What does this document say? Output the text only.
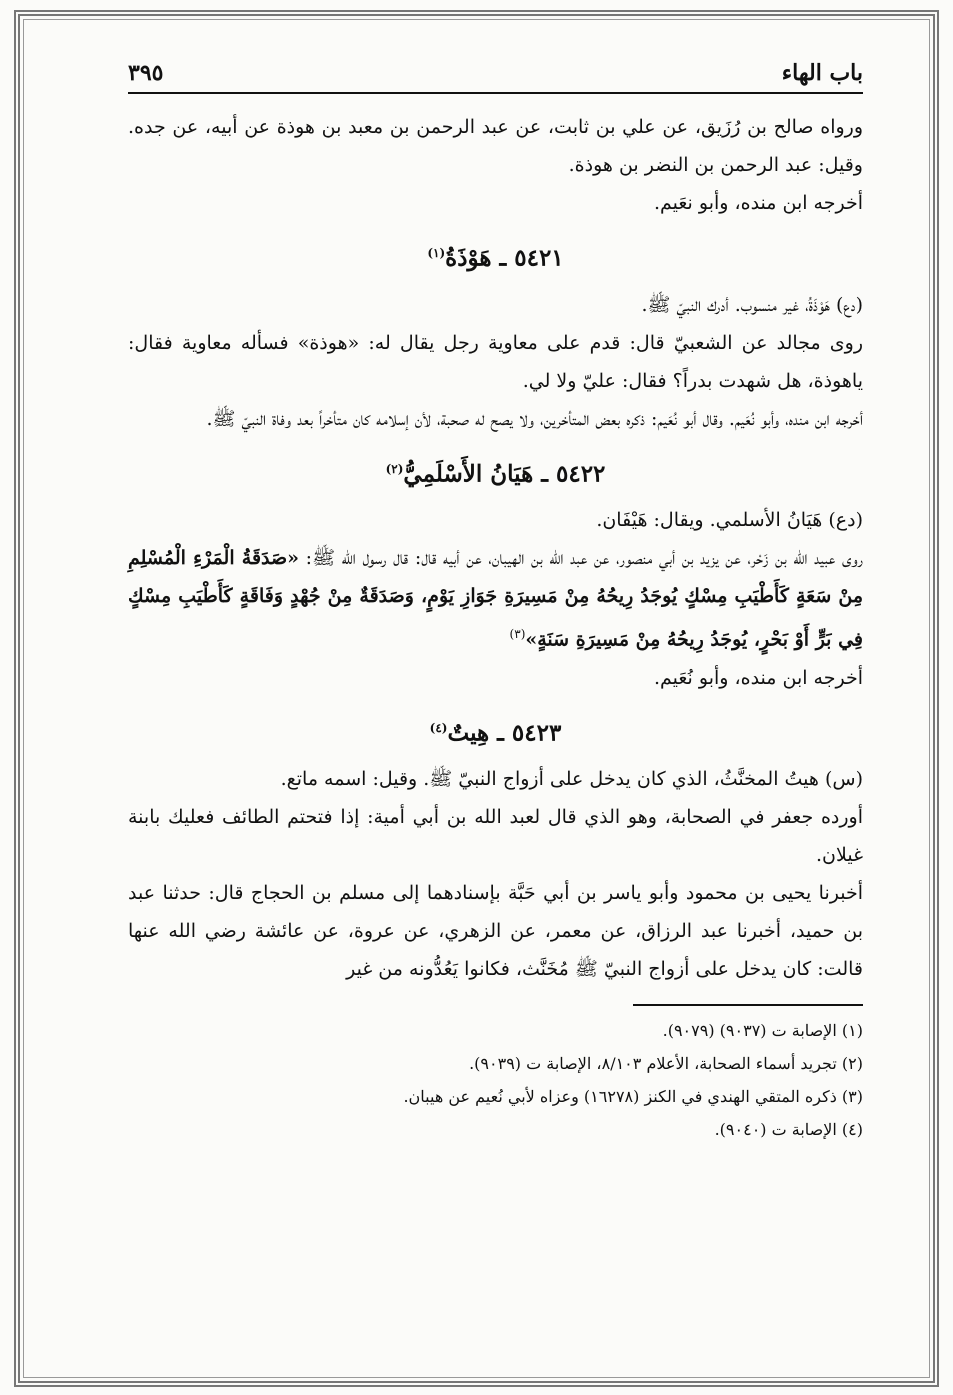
باب الهاء
٣٩٥

ورواه صالح بن رُزَيق، عن علي بن ثابت، عن عبد الرحمن بن معبد بن هوذة عن أبيه، عن جده. وقيل: عبد الرحمن بن النضر بن هوذة.

أخرجه ابن منده، وأبو نعَيم.

٥٤٢١ ـ هَوْذَةُ$^{(١)}$

(دع) هَوْذَةُ، غير منسوب. أدرك النبيّ ﷺ.

روى مجالد عن الشعبيّ قال: قدم على معاوية رجل يقال له: «هوذة» فسأله معاوية فقال: ياهوذة، هل شهدت بدراً؟ فقال: عليّ ولا لي.

أخرجه ابن منده، وأبو نُعَيم. وقال أبو نُعَيم: ذكره بعض المتأخرين، ولا يصح له صحبة، لأن إسلامه كان متأخراً بعد وفاة النبيّ ﷺ.

٥٤٢٢ ـ هَيَانُ الأَسْلَمِيُّ$^{(٢)}$

(دع) هَيَانُ الأسلمي. ويقال: هَيْفَان.

روى عبيد الله بن زَحْر، عن يزيد بن أبي منصور، عن عبد الله بن الهيبان، عن أبيه قال: قال رسول الله ﷺ: «صَدَقَةُ الْمَرْءِ الْمُسْلِمِ مِنْ سَعَةٍ كَأَطْيَبِ مِسْكٍ يُوجَدُ رِيحُهُ مِنْ مَسِيرَةِ جَوَازِ يَوْمٍ، وَصَدَقَةٌ مِنْ جُهْدٍ وَفَاقَةٍ كَأَطْيَبِ مِسْكٍ فِي بَرٍّ أَوْ بَحْرٍ، يُوجَدُ رِيحُهُ مِنْ مَسِيرَةِ سَنَةٍ»$^{(٣)}$

أخرجه ابن منده، وأبو نُعَيم.

٥٤٢٣ ـ هِيتٌ$^{(٤)}$

(س) هيتُ المخنَّثُ، الذي كان يدخل على أزواج النبيّ ﷺ. وقيل: اسمه ماتع.

أورده جعفر في الصحابة، وهو الذي قال لعبد الله بن أبي أمية: إذا فتحتم الطائف فعليك بابنة غيلان.

أخبرنا يحيى بن محمود وأبو ياسر بن أبي حَبَّة بإسنادهما إلى مسلم بن الحجاج قال: حدثنا عبد بن حميد، أخبرنا عبد الرزاق، عن معمر، عن الزهري، عن عروة، عن عائشة رضي الله عنها قالت: كان يدخل على أزواج النبيّ ﷺ مُخَنَّث، فكانوا يَعُدُّونه من غير

(١) الإصابة ت (٩٠٣٧) (٩٠٧٩).

(٢) تجريد أسماء الصحابة، الأعلام ٨/١٠٣، الإصابة ت (٩٠٣٩).

(٣) ذكره المتقي الهندي في الكنز (١٦٢٧٨) وعزاه لأبي نُعيم عن هيبان.

(٤) الإصابة ت (٩٠٤٠).
